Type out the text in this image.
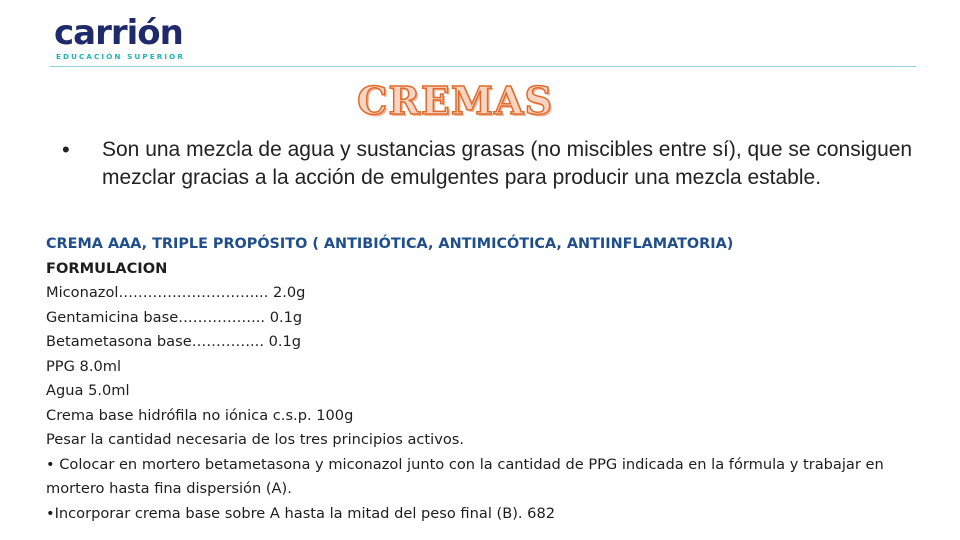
carrión
EDUCACIÓN SUPERIOR
CREMAS
• Son una mezcla de agua y sustancias grasas (no miscibles entre sí), que se consiguen mezclar gracias a la acción de emulgentes para producir una mezcla estable.
CREMA AAA, TRIPLE PROPÓSITO ( ANTIBIÓTICA, ANTIMICÓTICA, ANTIINFLAMATORIA)
FORMULACION
Miconazol……………………….... 2.0g
Gentamicina base……………... 0.1g
Betametasona base…………... 0.1g
PPG 8.0ml
Agua 5.0ml
Crema base hidrófila no iónica c.s.p. 100g
Pesar la cantidad necesaria de los tres principios activos.
• Colocar en mortero betametasona y miconazol junto con la cantidad de PPG indicada en la fórmula y trabajar en mortero hasta fina dispersión (A).
•Incorporar crema base sobre A hasta la mitad del peso final (B). 682
